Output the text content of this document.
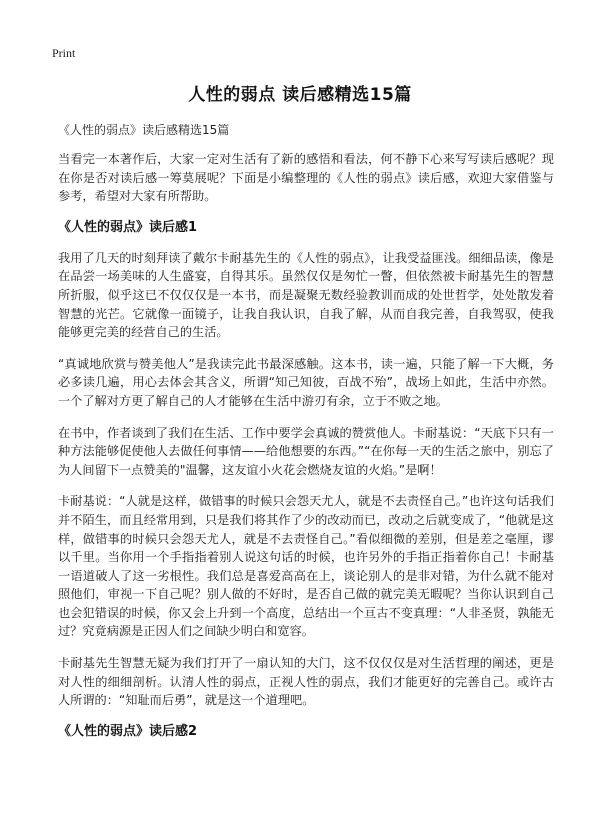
Print
人性的弱点 读后感精选15篇

《人性的弱点》读后感精选15篇

当看完一本著作后，大家一定对生活有了新的感悟和看法，何不静下心来写写读后感呢？现在你是否对读后感一筹莫展呢？下面是小编整理的《人性的弱点》读后感，欢迎大家借鉴与参考，希望对大家有所帮助。

《人性的弱点》读后感1

我用了几天的时刻拜读了戴尔卡耐基先生的《人性的弱点》，让我受益匪浅。细细品读，像是在品尝一场美味的人生盛宴，自得其乐。虽然仅仅是匆忙一瞥，但依然被卡耐基先生的智慧所折服，似乎这已不仅仅仅是一本书，而是凝聚无数经验教训而成的处世哲学，处处散发着智慧的光芒。它就像一面镜子，让我自我认识，自我了解，从而自我完善，自我驾驭，使我能够更完美的经营自己的生活。

“真诚地欣赏与赞美他人”是我读完此书最深感触。这本书，读一遍，只能了解一下大概，务必多读几遍，用心去体会其含义，所谓“知己知彼，百战不殆”，战场上如此，生活中亦然。一个了解对方更了解自己的人才能够在生活中游刃有余，立于不败之地。

在书中，作者谈到了我们在生活、工作中要学会真诚的赞赏他人。卡耐基说：“天底下只有一种方法能够促使他人去做任何事情——给他想要的东西。”“在你每一天的生活之旅中，别忘了为人间留下一点赞美的"温馨，这友谊小火花会燃烧友谊的火焰。”是啊！

卡耐基说：“人就是这样，做错事的时候只会怨天尤人，就是不去责怪自己。”也许这句话我们并不陌生，而且经常用到，只是我们将其作了少的改动而已，改动之后就变成了，“他就是这样，做错事的时候只会怨天尤人，就是不去责怪自己。”看似细微的差别，但是差之毫厘，谬以千里。当你用一个手指指着别人说这句话的时候，也许另外的手指正指着你自己！卡耐基一语道破人了这一劣根性。我们总是喜爱高高在上，谈论别人的是非对错，为什么就不能对照他们，审视一下自己呢？别人做的不好时，是否自己做的就完美无暇呢？当你认识到自己也会犯错误的时候，你又会上升到一个高度，总结出一个亘古不变真理：“人非圣贤，孰能无过？究竟病源是正因人们之间缺少明白和宽容。

卡耐基先生智慧无疑为我们打开了一扇认知的大门，这不仅仅仅是对生活哲理的阐述，更是对人性的细细剖析。认清人性的弱点，正视人性的弱点，我们才能更好的完善自己。或许古人所谓的：“知耻而后勇”，就是这一个道理吧。

《人性的弱点》读后感2
